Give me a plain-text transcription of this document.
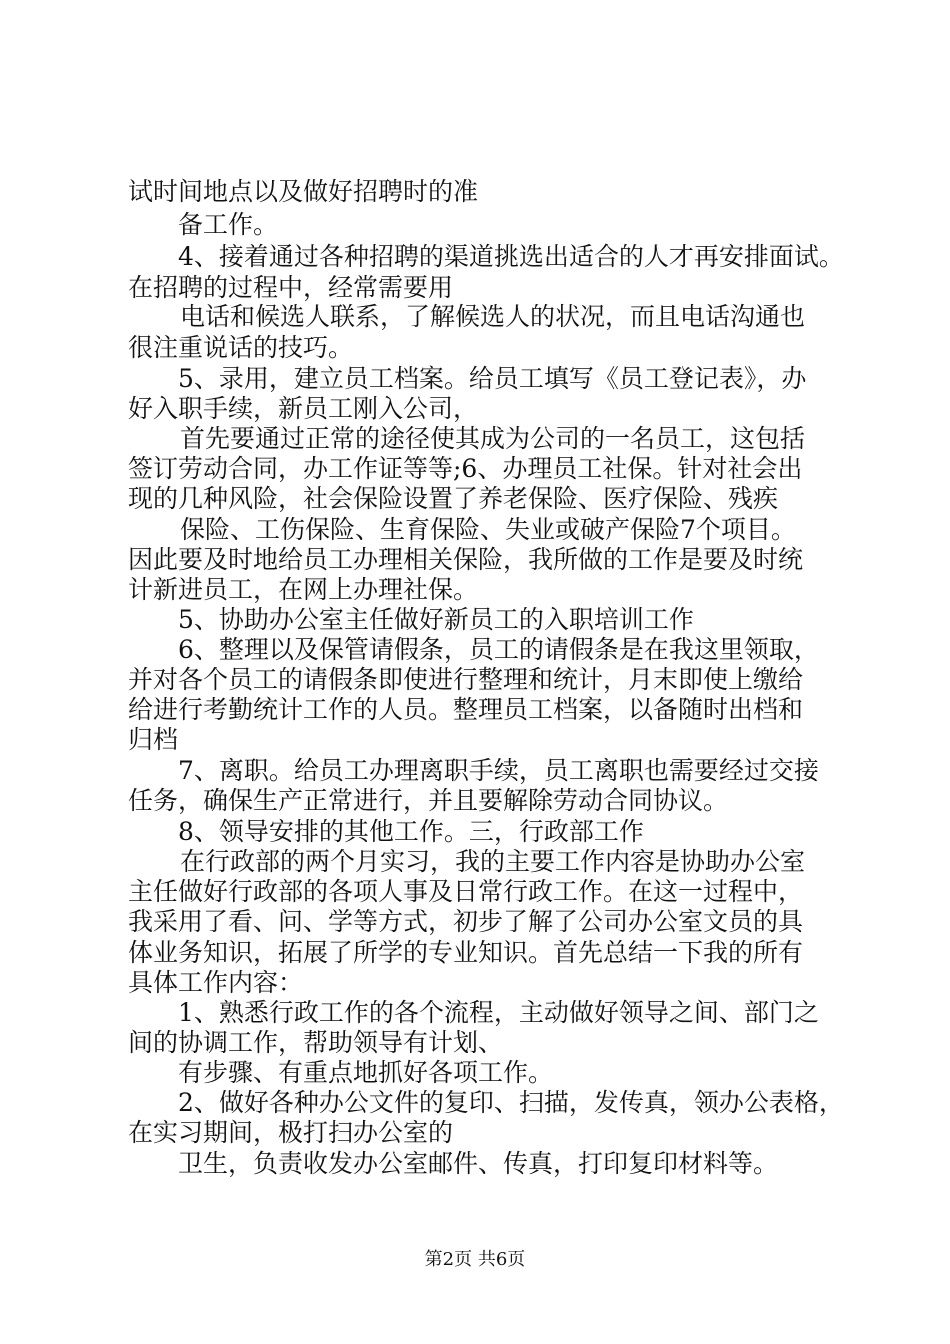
试时间地点以及做好招聘时的准
备工作。
4、接着通过各种招聘的渠道挑选出适合的人才再安排面试。
在招聘的过程中，经常需要用
电话和候选人联系，了解候选人的状况，而且电话沟通也
很注重说话的技巧。
5、录用，建立员工档案。给员工填写《员工登记表》，办
好入职手续，新员工刚入公司，
首先要通过正常的途径使其成为公司的一名员工，这包括
签订劳动合同，办工作证等等;6、办理员工社保。针对社会出
现的几种风险，社会保险设置了养老保险、医疗保险、残疾
保险、工伤保险、生育保险、失业或破产保险7个项目。
因此要及时地给员工办理相关保险，我所做的工作是要及时统
计新进员工，在网上办理社保。
5、协助办公室主任做好新员工的入职培训工作
6、整理以及保管请假条，员工的请假条是在我这里领取，
并对各个员工的请假条即使进行整理和统计，月末即使上缴给
给进行考勤统计工作的人员。整理员工档案，以备随时出档和
归档
7、离职。给员工办理离职手续，员工离职也需要经过交接
任务，确保生产正常进行，并且要解除劳动合同协议。
8、领导安排的其他工作。三，行政部工作
在行政部的两个月实习，我的主要工作内容是协助办公室
主任做好行政部的各项人事及日常行政工作。在这一过程中，
我采用了看、问、学等方式，初步了解了公司办公室文员的具
体业务知识，拓展了所学的专业知识。首先总结一下我的所有
具体工作内容：
1、熟悉行政工作的各个流程，主动做好领导之间、部门之
间的协调工作，帮助领导有计划、
有步骤、有重点地抓好各项工作。
2、做好各种办公文件的复印、扫描，发传真，领办公表格，
在实习期间，极打扫办公室的
卫生，负责收发办公室邮件、传真，打印复印材料等。
第2页 共6页
